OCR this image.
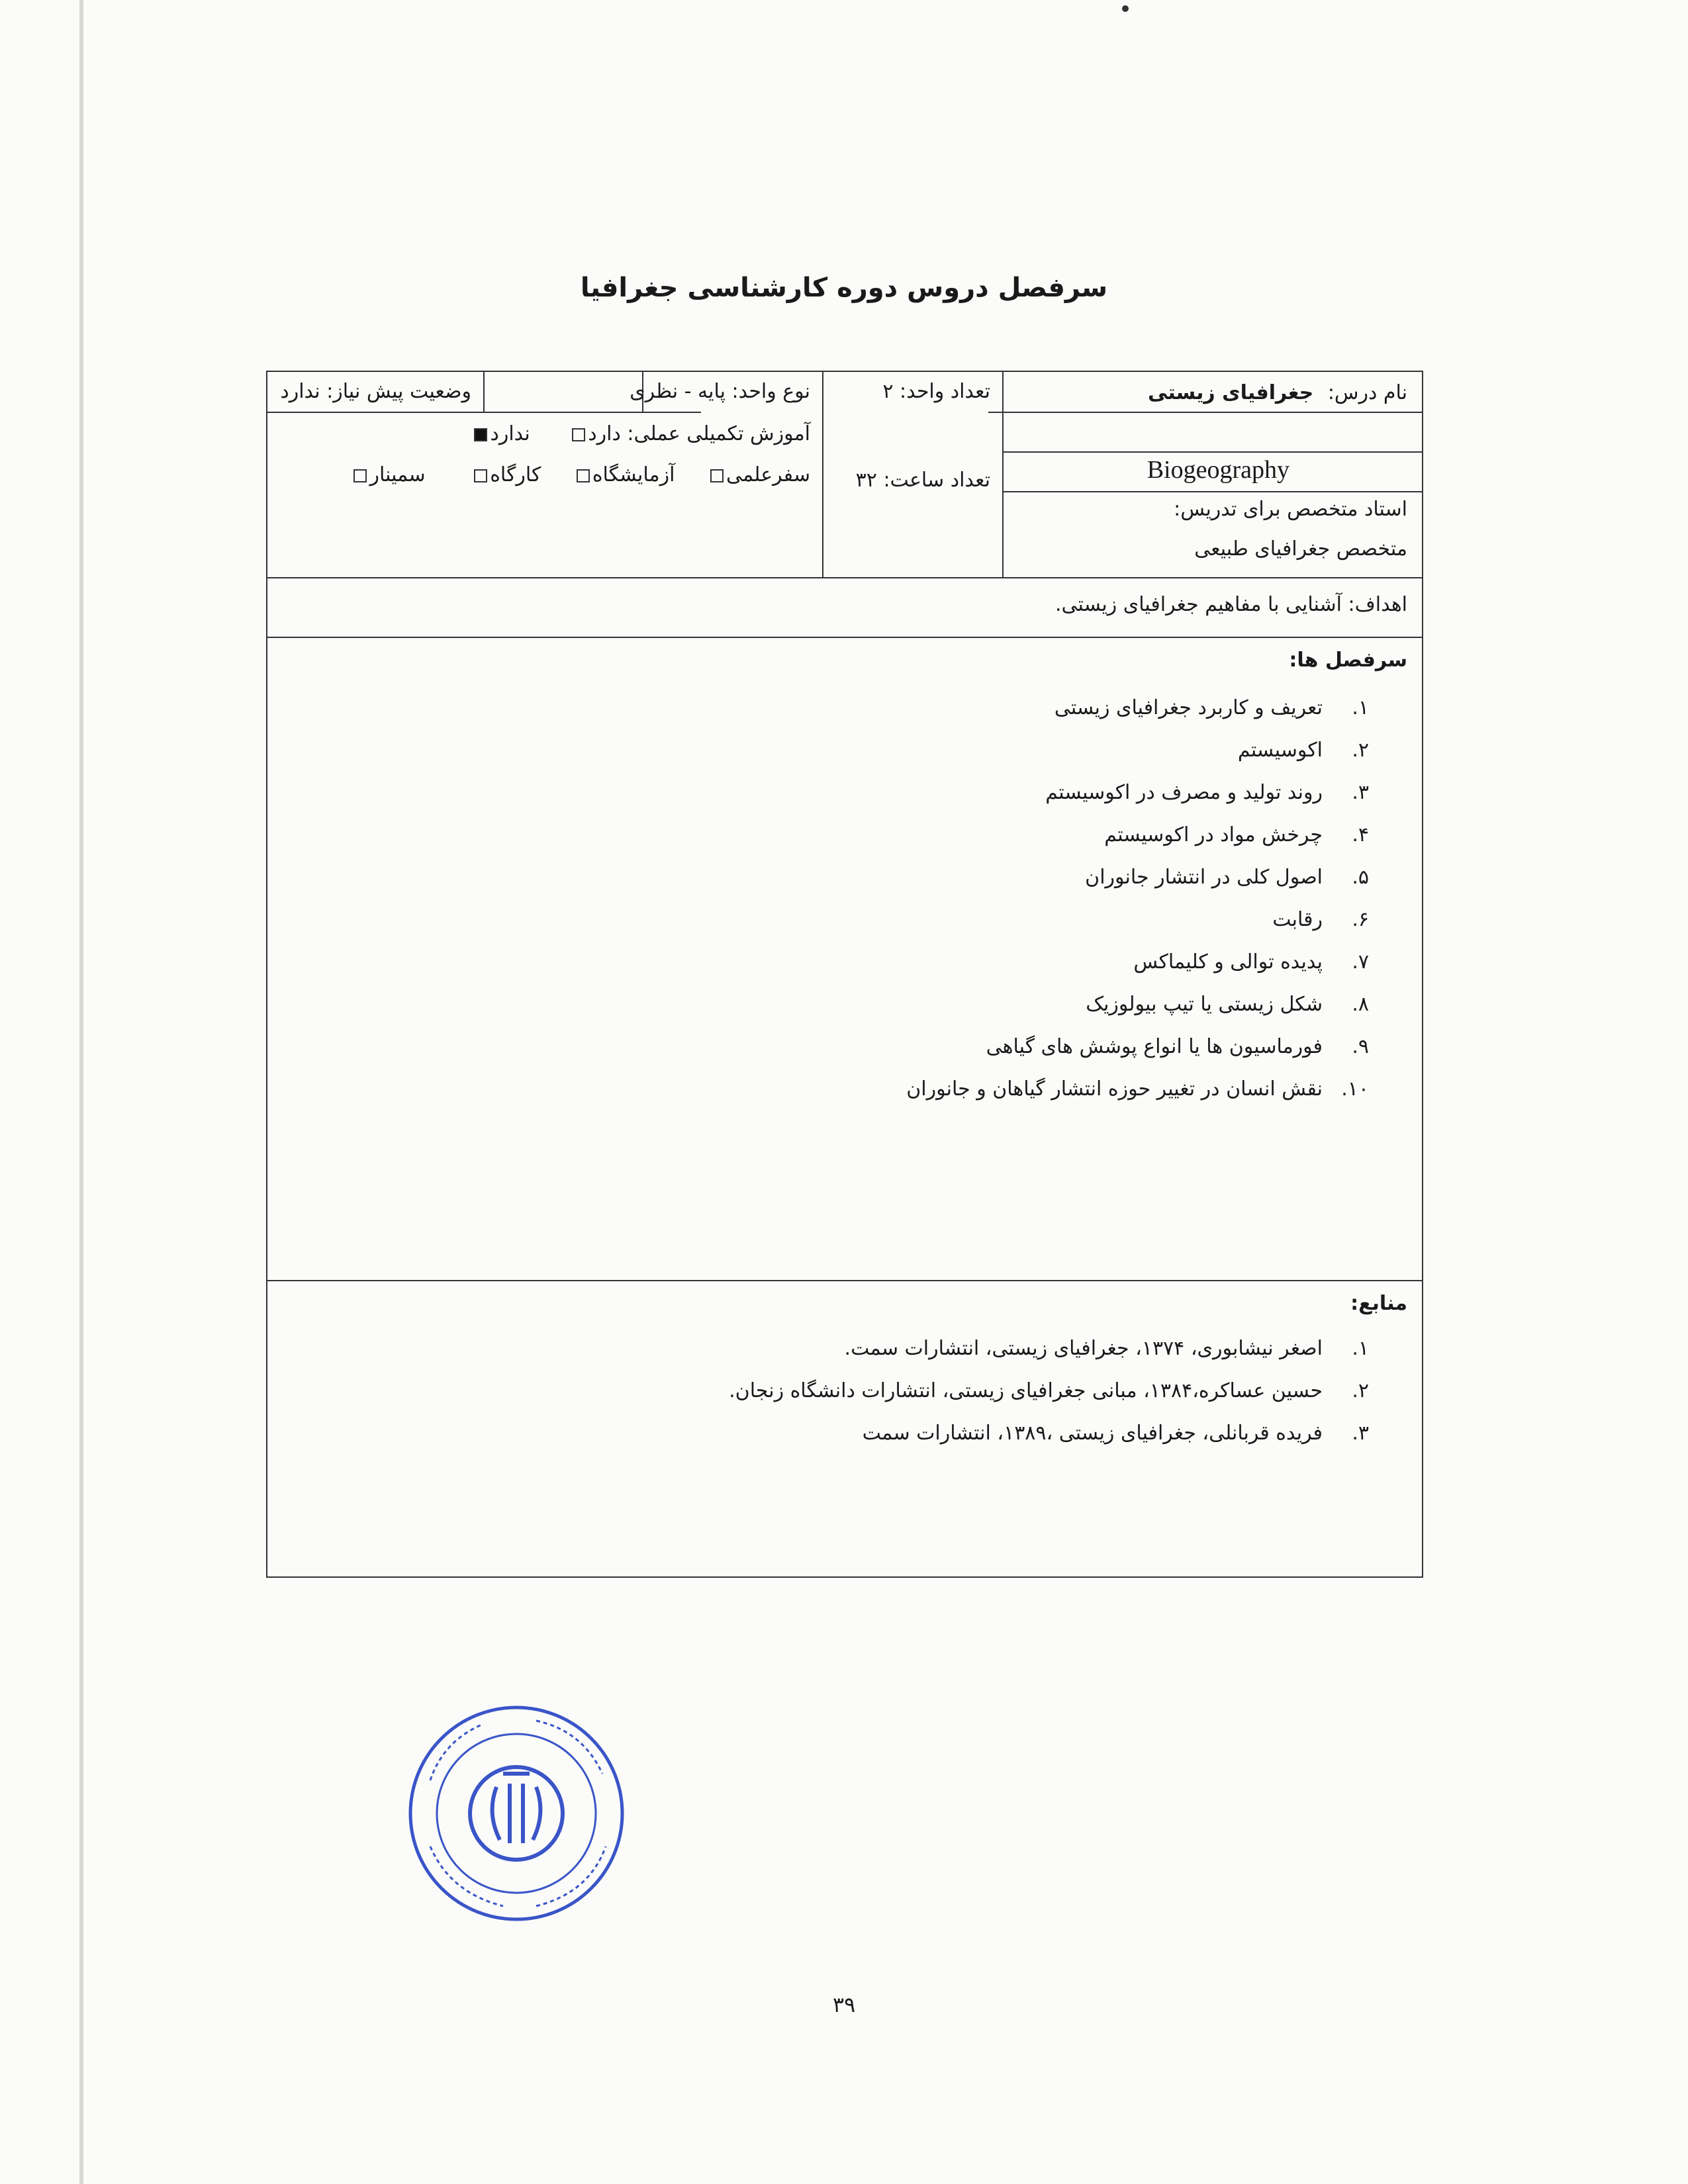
سرفصل دروس دوره کارشناسی جغرافیا
نام درس: جغرافیای زیستی
Biogeography
استاد متخصص برای تدریس:
متخصص جغرافیای طبیعی
تعداد واحد: ۲
تعداد ساعت: ۳۲
نوع واحد: پایه - نظری
وضعیت پیش نیاز: ندارد
آموزش تکمیلی عملی: دارد ندارد
سفرعلمی آزمایشگاه کارگاه سمینار
اهداف: آشنایی با مفاهیم جغرافیای زیستی.
سرفصل ها:
۱.تعریف و کاربرد جغرافیای زیستی
۲.اکوسیستم
۳.روند تولید و مصرف در اکوسیستم
۴.چرخش مواد در اکوسیستم
۵.اصول کلی در انتشار جانوران
۶.رقابت
۷.پدیده توالی و کلیماکس
۸.شکل زیستی یا تیپ بیولوزیک
۹.فورماسیون ها یا انواع پوشش های گیاهی
۱۰.نقش انسان در تغییر حوزه انتشار گیاهان و جانوران
منابع:
۱.اصغر نیشابوری، ۱۳۷۴، جغرافیای زیستی، انتشارات سمت.
۲.حسین عساکره،۱۳۸۴، مبانی جغرافیای زیستی، انتشارات دانشگاه زنجان.
۳.فریده قربانلی، جغرافیای زیستی ،۱۳۸۹، انتشارات سمت
۳۹
